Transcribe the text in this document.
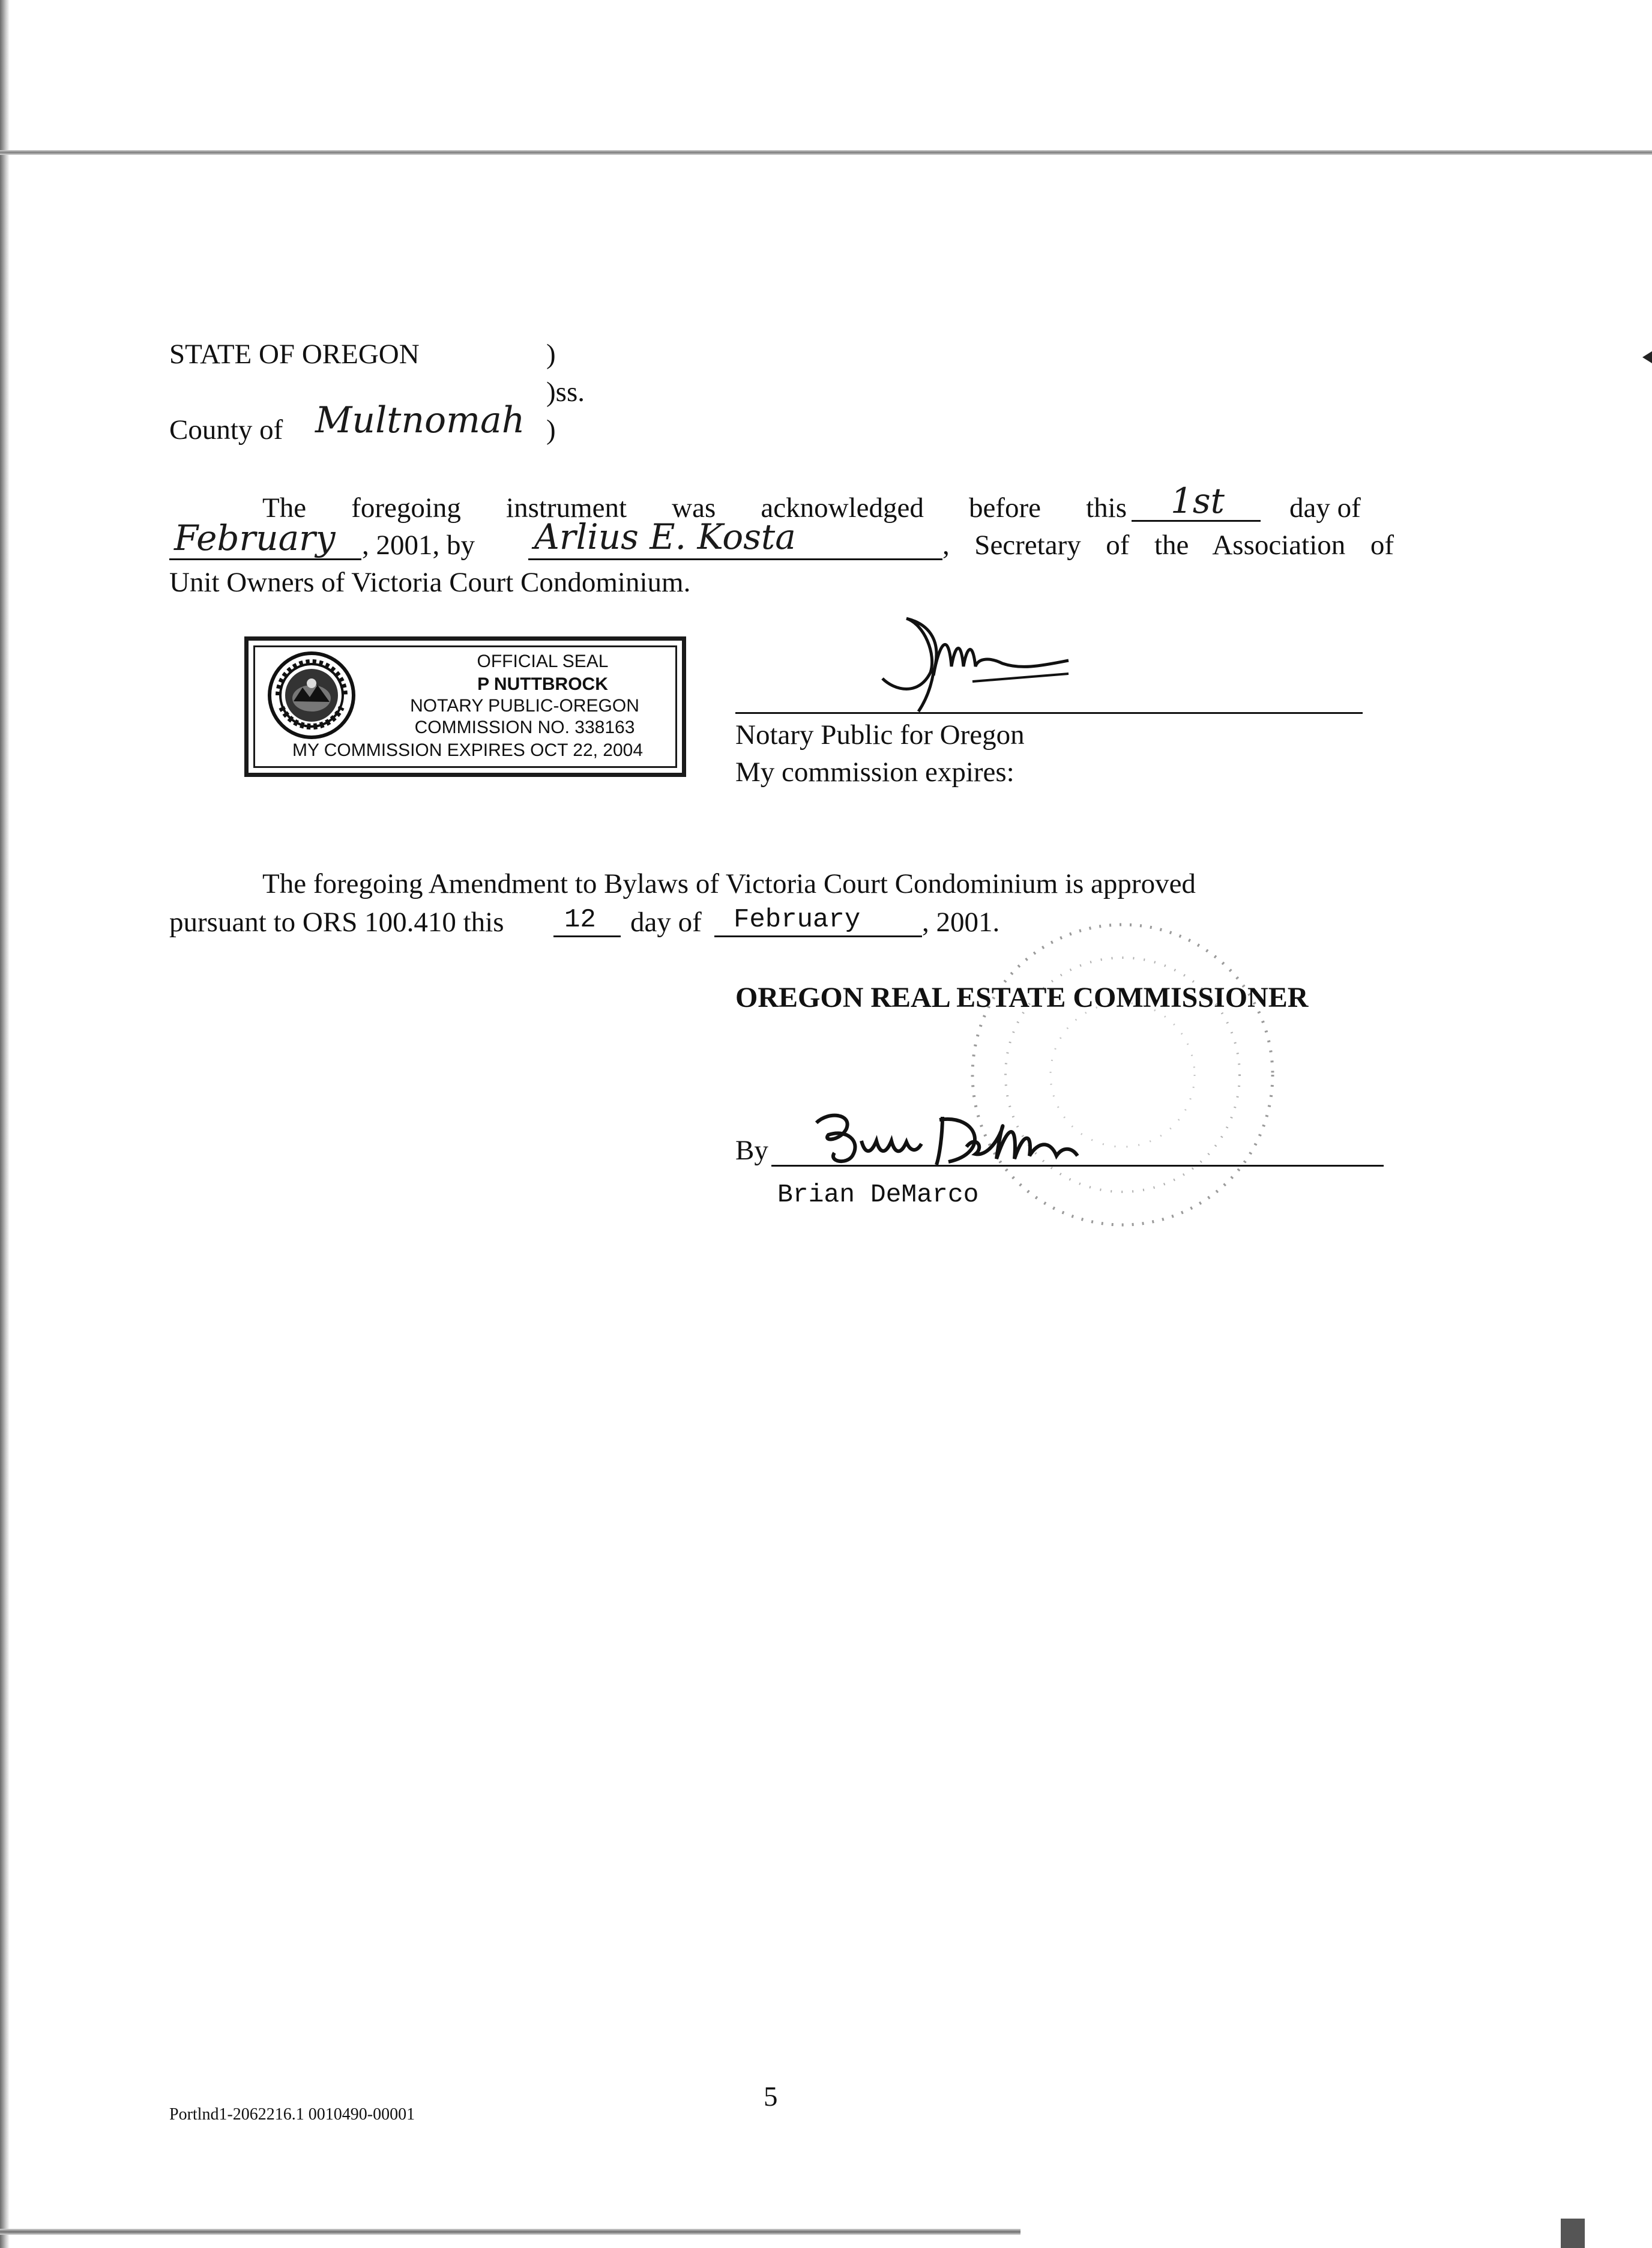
STATE OF OREGON	)
)ss.
County of Multnomah )
The foregoing instrument was acknowledged before this 1st day of
February , 2001, by Arlius E. Kosta	, Secretary of the Association of
Unit Owners of Victoria Court Condominium.
OFFICIAL SEAL
P NUTTBROCK
NOTARY PUBLIC-OREGON
COMMISSION NO. 338163
MY COMMISSION EXPIRES OCT 22, 2004	Notary Public for Oregon
My commission expires:
The foregoing Amendment to Bylaws of Victoria Court Condominium is approved
pursuant to ORS 100.410 this 12 day of February , 2001.
OREGON REAL ESTATE COMMISSIONER
By
Brian DeMarco
5
Portlnd1-2062216.1 0010490-00001
